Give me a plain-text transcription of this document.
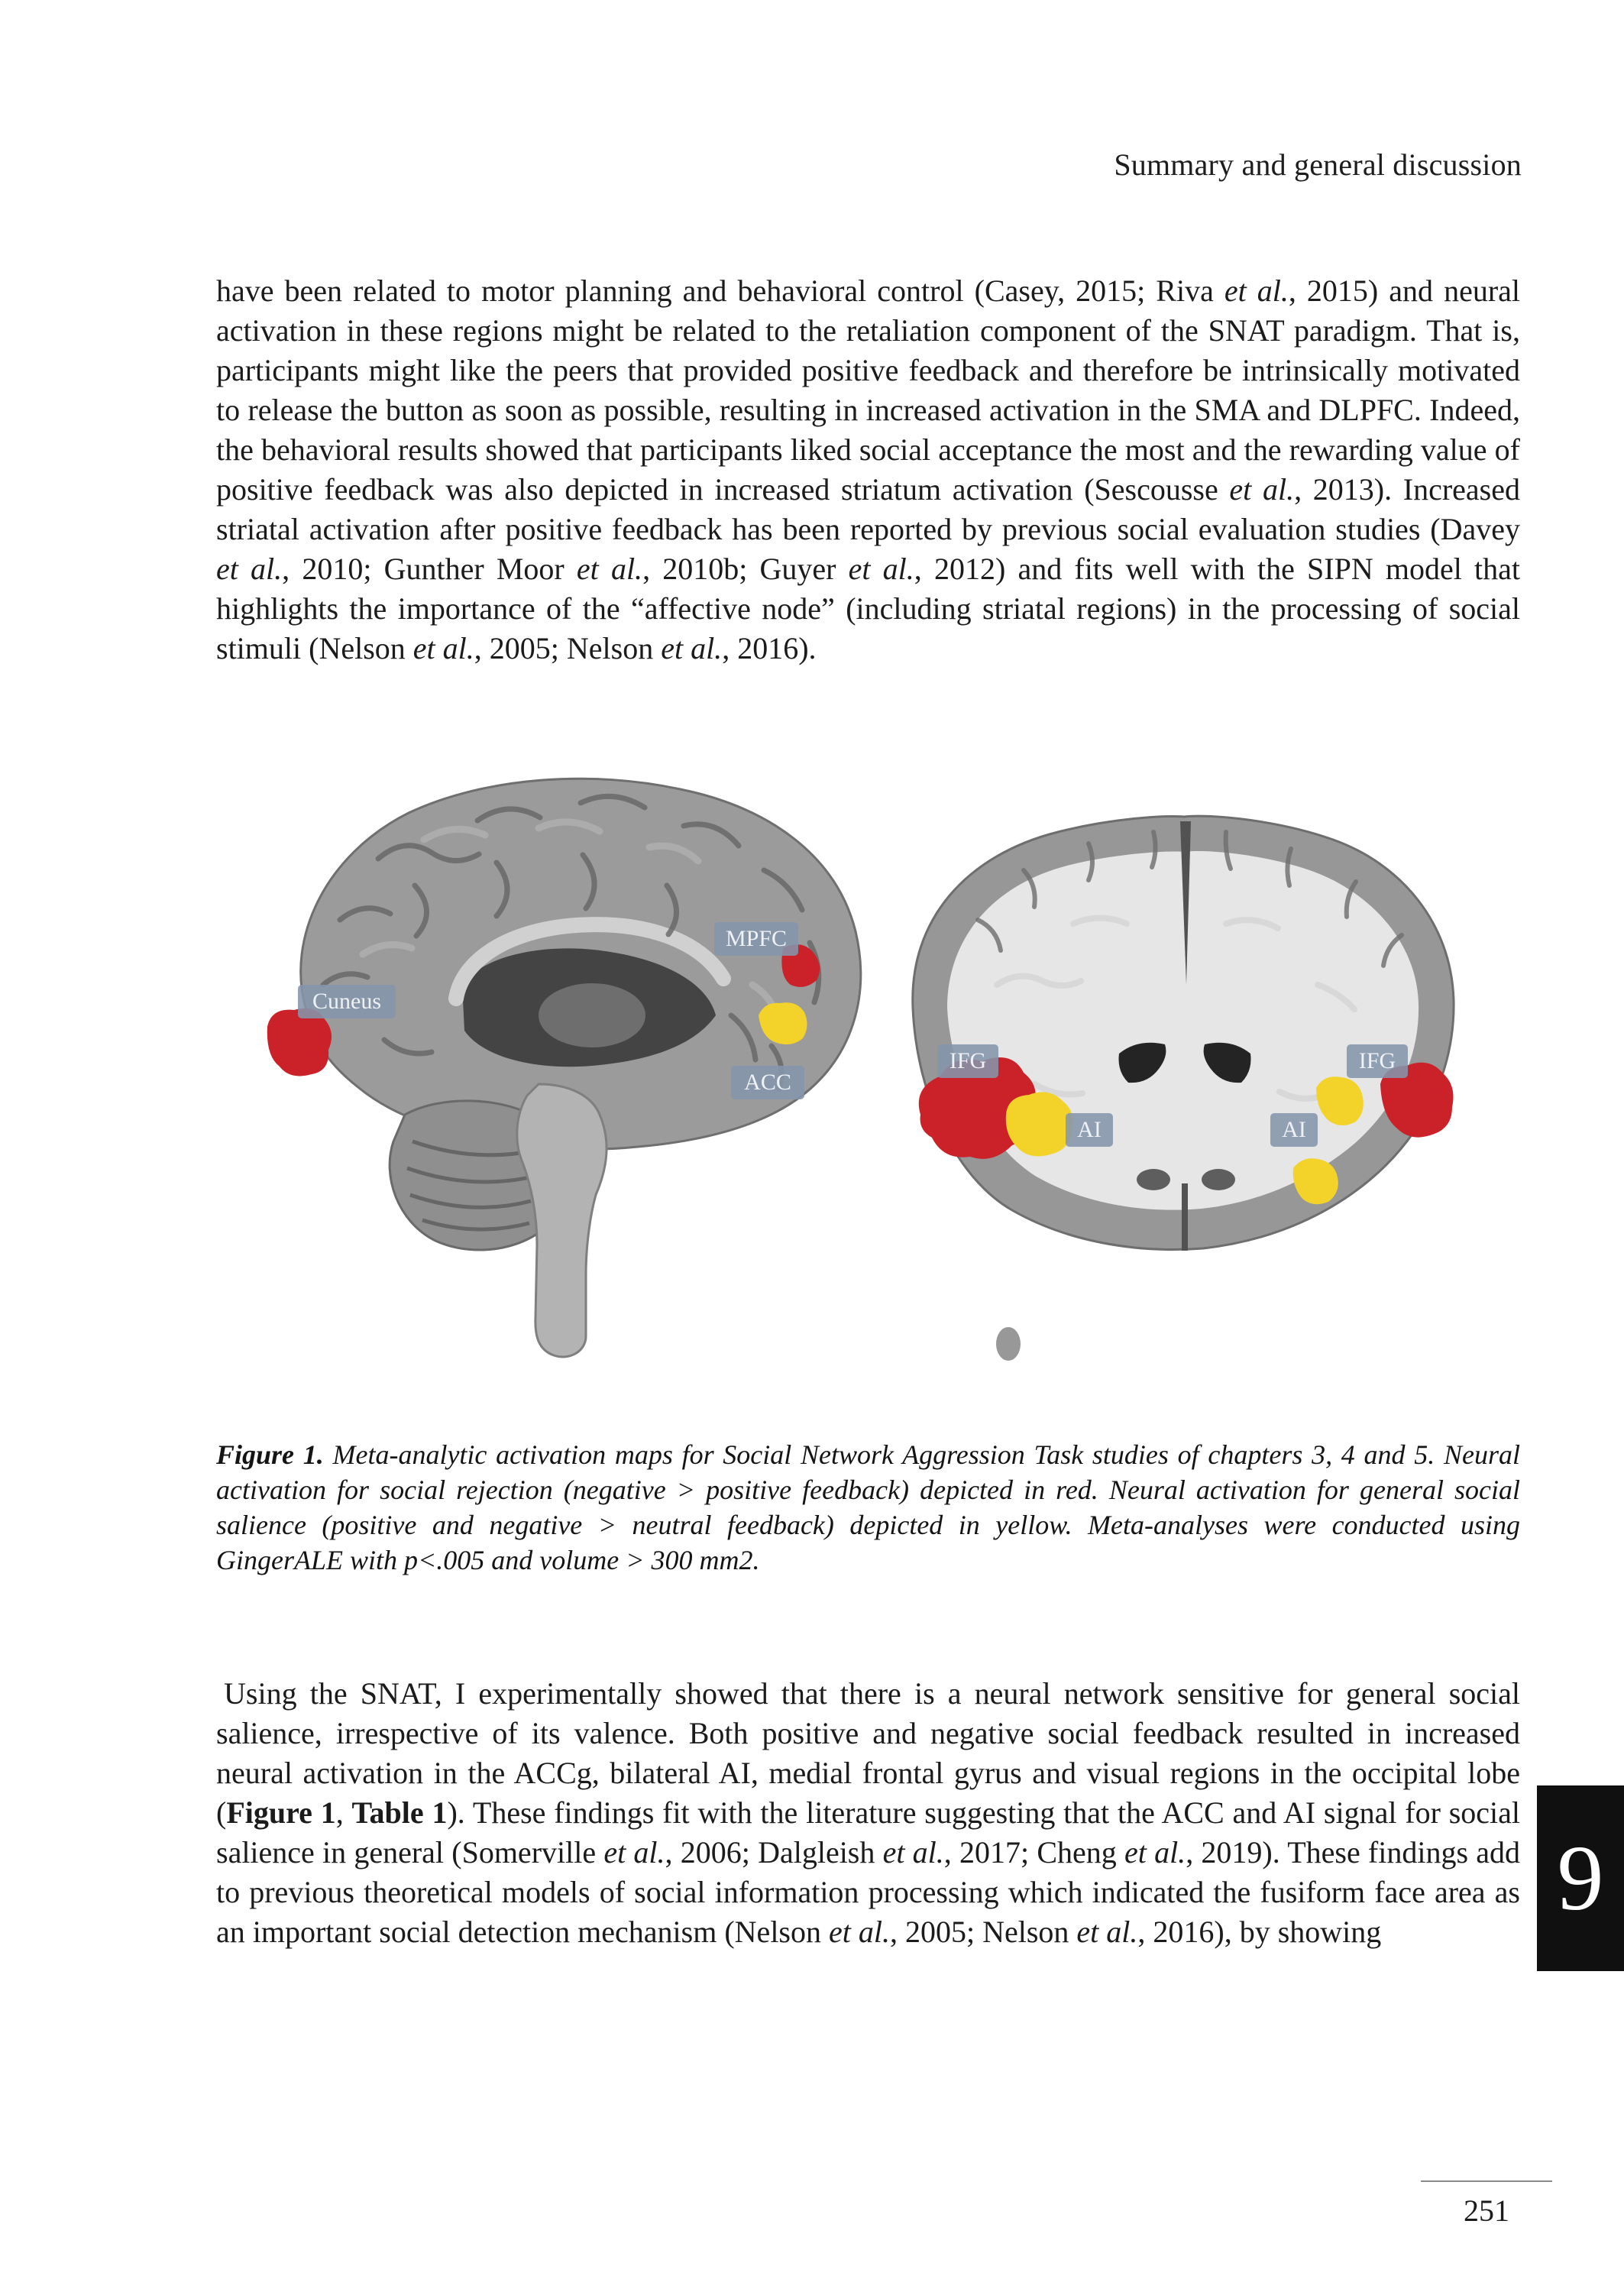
Summary and general discussion

have been related to motor planning and behavioral control (Casey, 2015; Riva et al., 2015) and neural activation in these regions might be related to the retaliation component of the SNAT paradigm. That is, participants might like the peers that provided positive feedback and therefore be intrinsically motivated to release the button as soon as possible, resulting in increased activation in the SMA and DLPFC. Indeed, the behavioral results showed that participants liked social acceptance the most and the rewarding value of positive feedback was also depicted in increased striatum activation (Sescousse et al., 2013). Increased striatal activation after positive feedback has been reported by previous social evaluation studies (Davey et al., 2010; Gunther Moor et al., 2010b; Guyer et al., 2012) and fits well with the SIPN model that highlights the importance of the “affective node” (including striatal regions) in the processing of social stimuli (Nelson et al., 2005; Nelson et al., 2016).

Cuneus
MPFC
ACC
IFG
AI	AI
IFG

Figure 1. Meta-analytic activation maps for Social Network Aggression Task studies of chapters 3, 4 and 5. Neural activation for social rejection (negative > positive feedback) depicted in red. Neural activation for general social salience (positive and negative > neutral feedback) depicted in yellow. Meta-analyses were conducted using GingerALE with p<.005 and volume > 300 mm2.

Using the SNAT, I experimentally showed that there is a neural network sensitive for general social salience, irrespective of its valence. Both positive and negative social feedback resulted in increased neural activation in the ACCg, bilateral AI, medial frontal gyrus and visual regions in the occipital lobe (Figure 1, Table 1). These findings fit with the literature suggesting that the ACC and AI signal for social salience in general (Somerville et al., 2006; Dalgleish et al., 2017; Cheng et al., 2019). These findings add to previous theoretical models of social information processing which indicated the fusiform face area as an important social detection mechanism (Nelson et al., 2005; Nelson et al., 2016), by showing

9
251
